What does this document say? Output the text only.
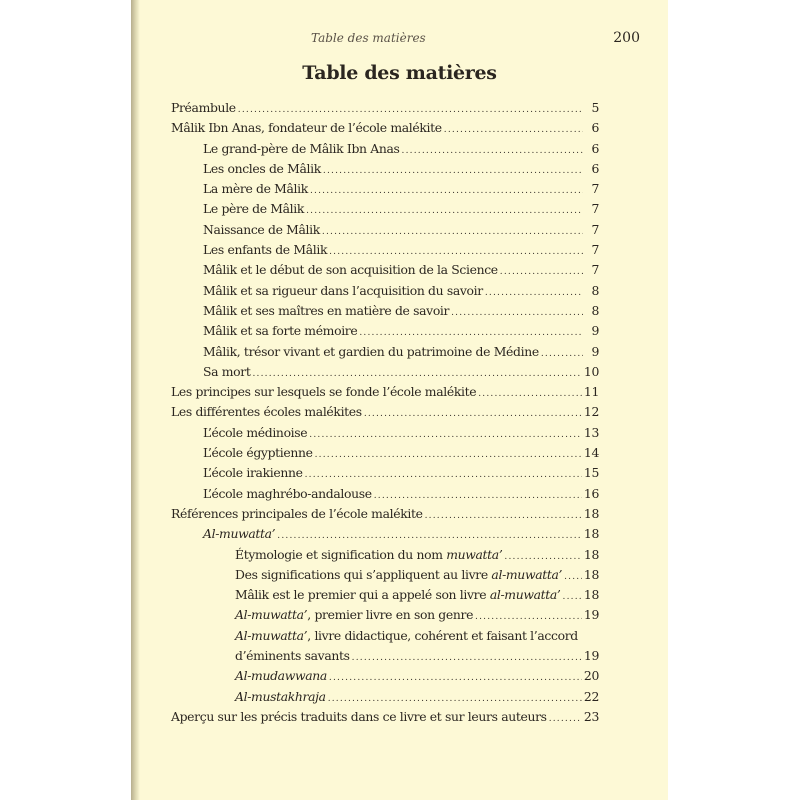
Table des matières	200
Table des matières
Préambule .....	5
Mâlik Ibn Anas, fondateur de l’école malékite .....	6
Le grand-père de Mâlik Ibn Anas .....	6
Les oncles de Mâlik .....	6
La mère de Mâlik .....	7
Le père de Mâlik .....	7
Naissance de Mâlik .....	7
Les enfants de Mâlik .....	7
Mâlik et le début de son acquisition de la Science .....	7
Mâlik et sa rigueur dans l’acquisition du savoir .....	8
Mâlik et ses maîtres en matière de savoir .....	8
Mâlik et sa forte mémoire .....	9
Mâlik, trésor vivant et gardien du patrimoine de Médine .....	9
Sa mort .....	10
Les principes sur lesquels se fonde l’école malékite .....	11
Les différentes écoles malékites .....	12
L’école médinoise .....	13
L’école égyptienne .....	14
L’école irakienne .....	15
L’école maghrébo-andalouse .....	16
Références principales de l’école malékite .....	18
Al-muwatta’ .....	18
Étymologie et signification du nom muwatta’ .....	18
Des significations qui s’appliquent au livre al-muwatta’ ..... 18
Mâlik est le premier qui a appelé son livre al-muwatta’ ..... 18
Al-muwatta’, premier livre en son genre .....	19
Al-muwatta’, livre didactique, cohérent et faisant l’accord
d’éminents savants .....	19
Al-mudawwana .....	20
Al-mustakhraja .....	22
Aperçu sur les précis traduits dans ce livre et sur leurs auteurs .....	23
